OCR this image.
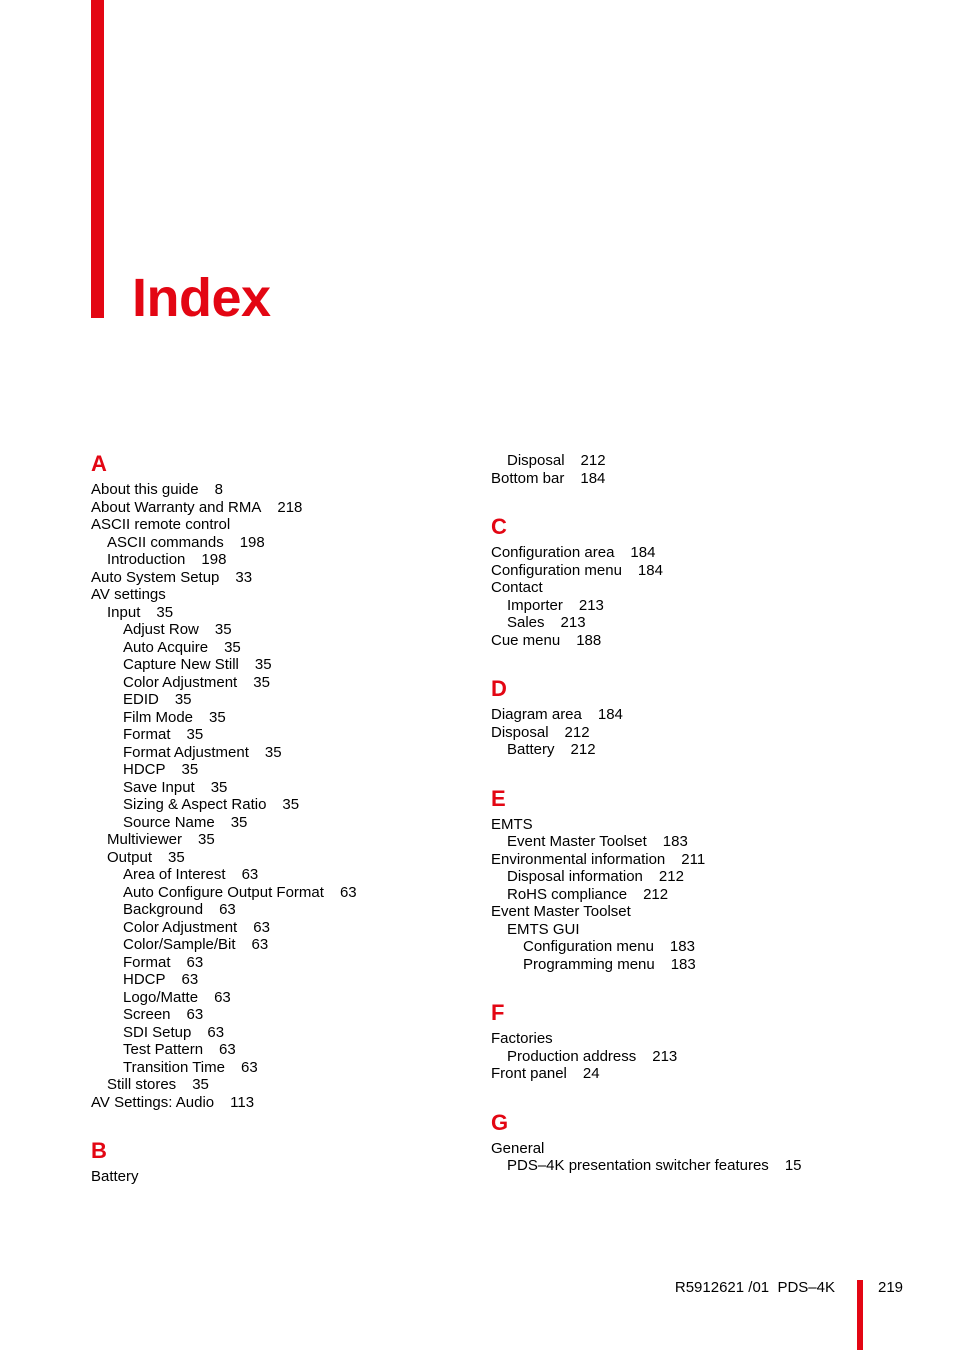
Index
A
About this guide 8
About Warranty and RMA 218
ASCII remote control
ASCII commands 198
Introduction 198
Auto System Setup 33
AV settings
Input 35
Adjust Row 35
Auto Acquire 35
Capture New Still 35
Color Adjustment 35
EDID 35
Film Mode 35
Format 35
Format Adjustment 35
HDCP 35
Save Input 35
Sizing & Aspect Ratio 35
Source Name 35
Multiviewer 35
Output 35
Area of Interest 63
Auto Configure Output Format 63
Background 63
Color Adjustment 63
Color/Sample/Bit 63
Format 63
HDCP 63
Logo/Matte 63
Screen 63
SDI Setup 63
Test Pattern 63
Transition Time 63
Still stores 35
AV Settings: Audio 113
B
Battery
Disposal 212
Bottom bar 184
C
Configuration area 184
Configuration menu 184
Contact
Importer 213
Sales 213
Cue menu 188
D
Diagram area 184
Disposal 212
Battery 212
E
EMTS
Event Master Toolset 183
Environmental information 211
Disposal information 212
RoHS compliance 212
Event Master Toolset
EMTS GUI
Configuration menu 183
Programming menu 183
F
Factories
Production address 213
Front panel 24
G
General
PDS–4K presentation switcher features 15
R5912621 /01  PDS–4K	219
